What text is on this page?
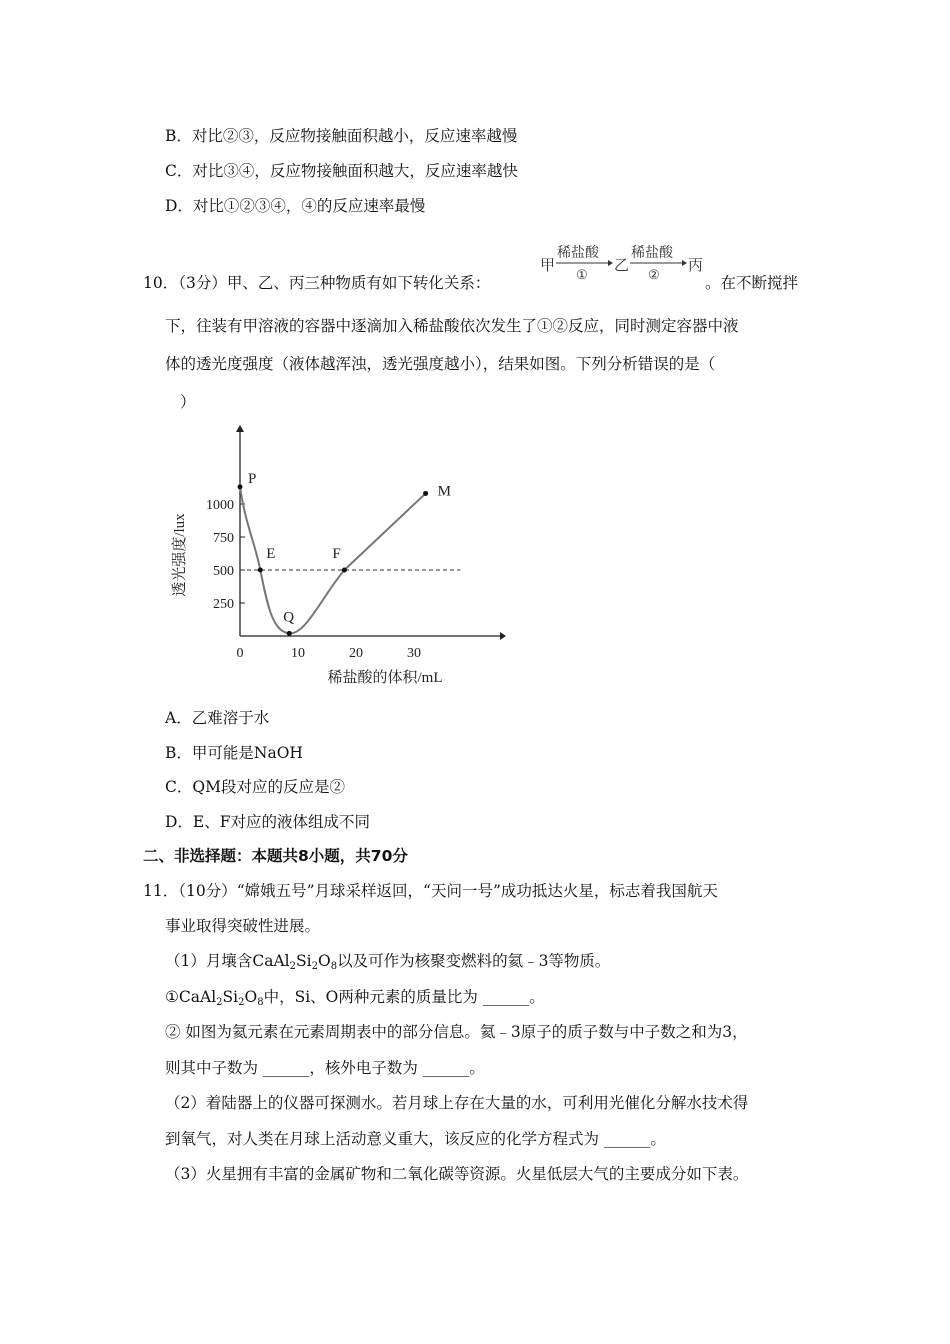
B．对比②③，反应物接触面积越小，反应速率越慢
C．对比③④，反应物接触面积越大，反应速率越快
D．对比①②③④，④的反应速率最慢
10．（3分）甲、乙、丙三种物质有如下转化关系：
甲
稀盐酸
①
乙
稀盐酸
②
丙
。在不断搅拌
下，往装有甲溶液的容器中逐滴加入稀盐酸依次发生了①②反应，同时测定容器中液
体的透光度强度（液体越浑浊，透光强度越小），结果如图。下列分析错误的是（
）
0	10	20	30
250
500
750
1000
P
E
Q
F
M
稀盐酸的体积/mL
透光强度/lux
A．乙难溶于水
B．甲可能是NaOH
C．QM段对应的反应是②
D．E、F对应的液体组成不同
二、非选择题：本题共8小题，共70分
11．（10分）“嫦娥五号”月球采样返回，“天问一号”成功抵达火星，标志着我国航天
事业取得突破性进展。
（1）月壤含$CaAl_2Si_2O_8$以及可作为核聚变燃料的氦﹣3等物质。
$①CaAl_2Si_2O_8$中，Si、O两种元素的质量比为 ______。
② 如图为氦元素在元素周期表中的部分信息。氦﹣3原子的质子数与中子数之和为3，
则其中子数为 ______，核外电子数为 ______。
（2）着陆器上的仪器可探测水。若月球上存在大量的水，可利用光催化分解水技术得
到氧气，对人类在月球上活动意义重大，该反应的化学方程式为 ______。
（3）火星拥有丰富的金属矿物和二氧化碳等资源。火星低层大气的主要成分如下表。
